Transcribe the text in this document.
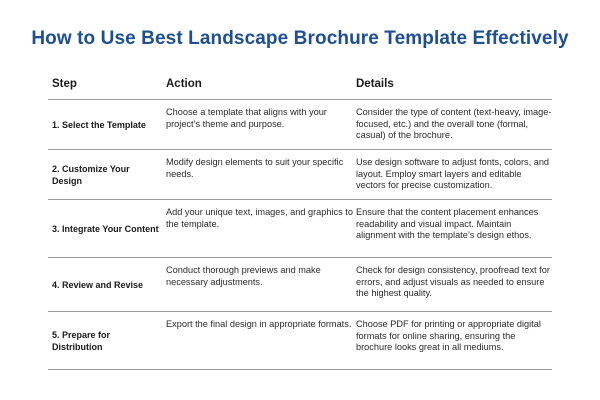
How to Use Best Landscape Brochure Template Effectively
Step	Action	Details
1. Select the Template
Choose a template that aligns with your project’s theme and purpose.
Consider the type of content (text-heavy, image-focused, etc.) and the overall tone (formal, casual) of the brochure.
2. Customize Your Design
Modify design elements to suit your specific needs.
Use design software to adjust fonts, colors, and layout. Employ smart layers and editable vectors for precise customization.
3. Integrate Your Content
Add your unique text, images, and graphics to the template.
Ensure that the content placement enhances readability and visual impact. Maintain alignment with the template’s design ethos.
4. Review and Revise
Conduct thorough previews and make necessary adjustments.
Check for design consistency, proofread text for errors, and adjust visuals as needed to ensure the highest quality.
5. Prepare for Distribution
Export the final design in appropriate formats. Choose PDF for printing or appropriate digital formats for online sharing, ensuring the brochure looks great in all mediums.
